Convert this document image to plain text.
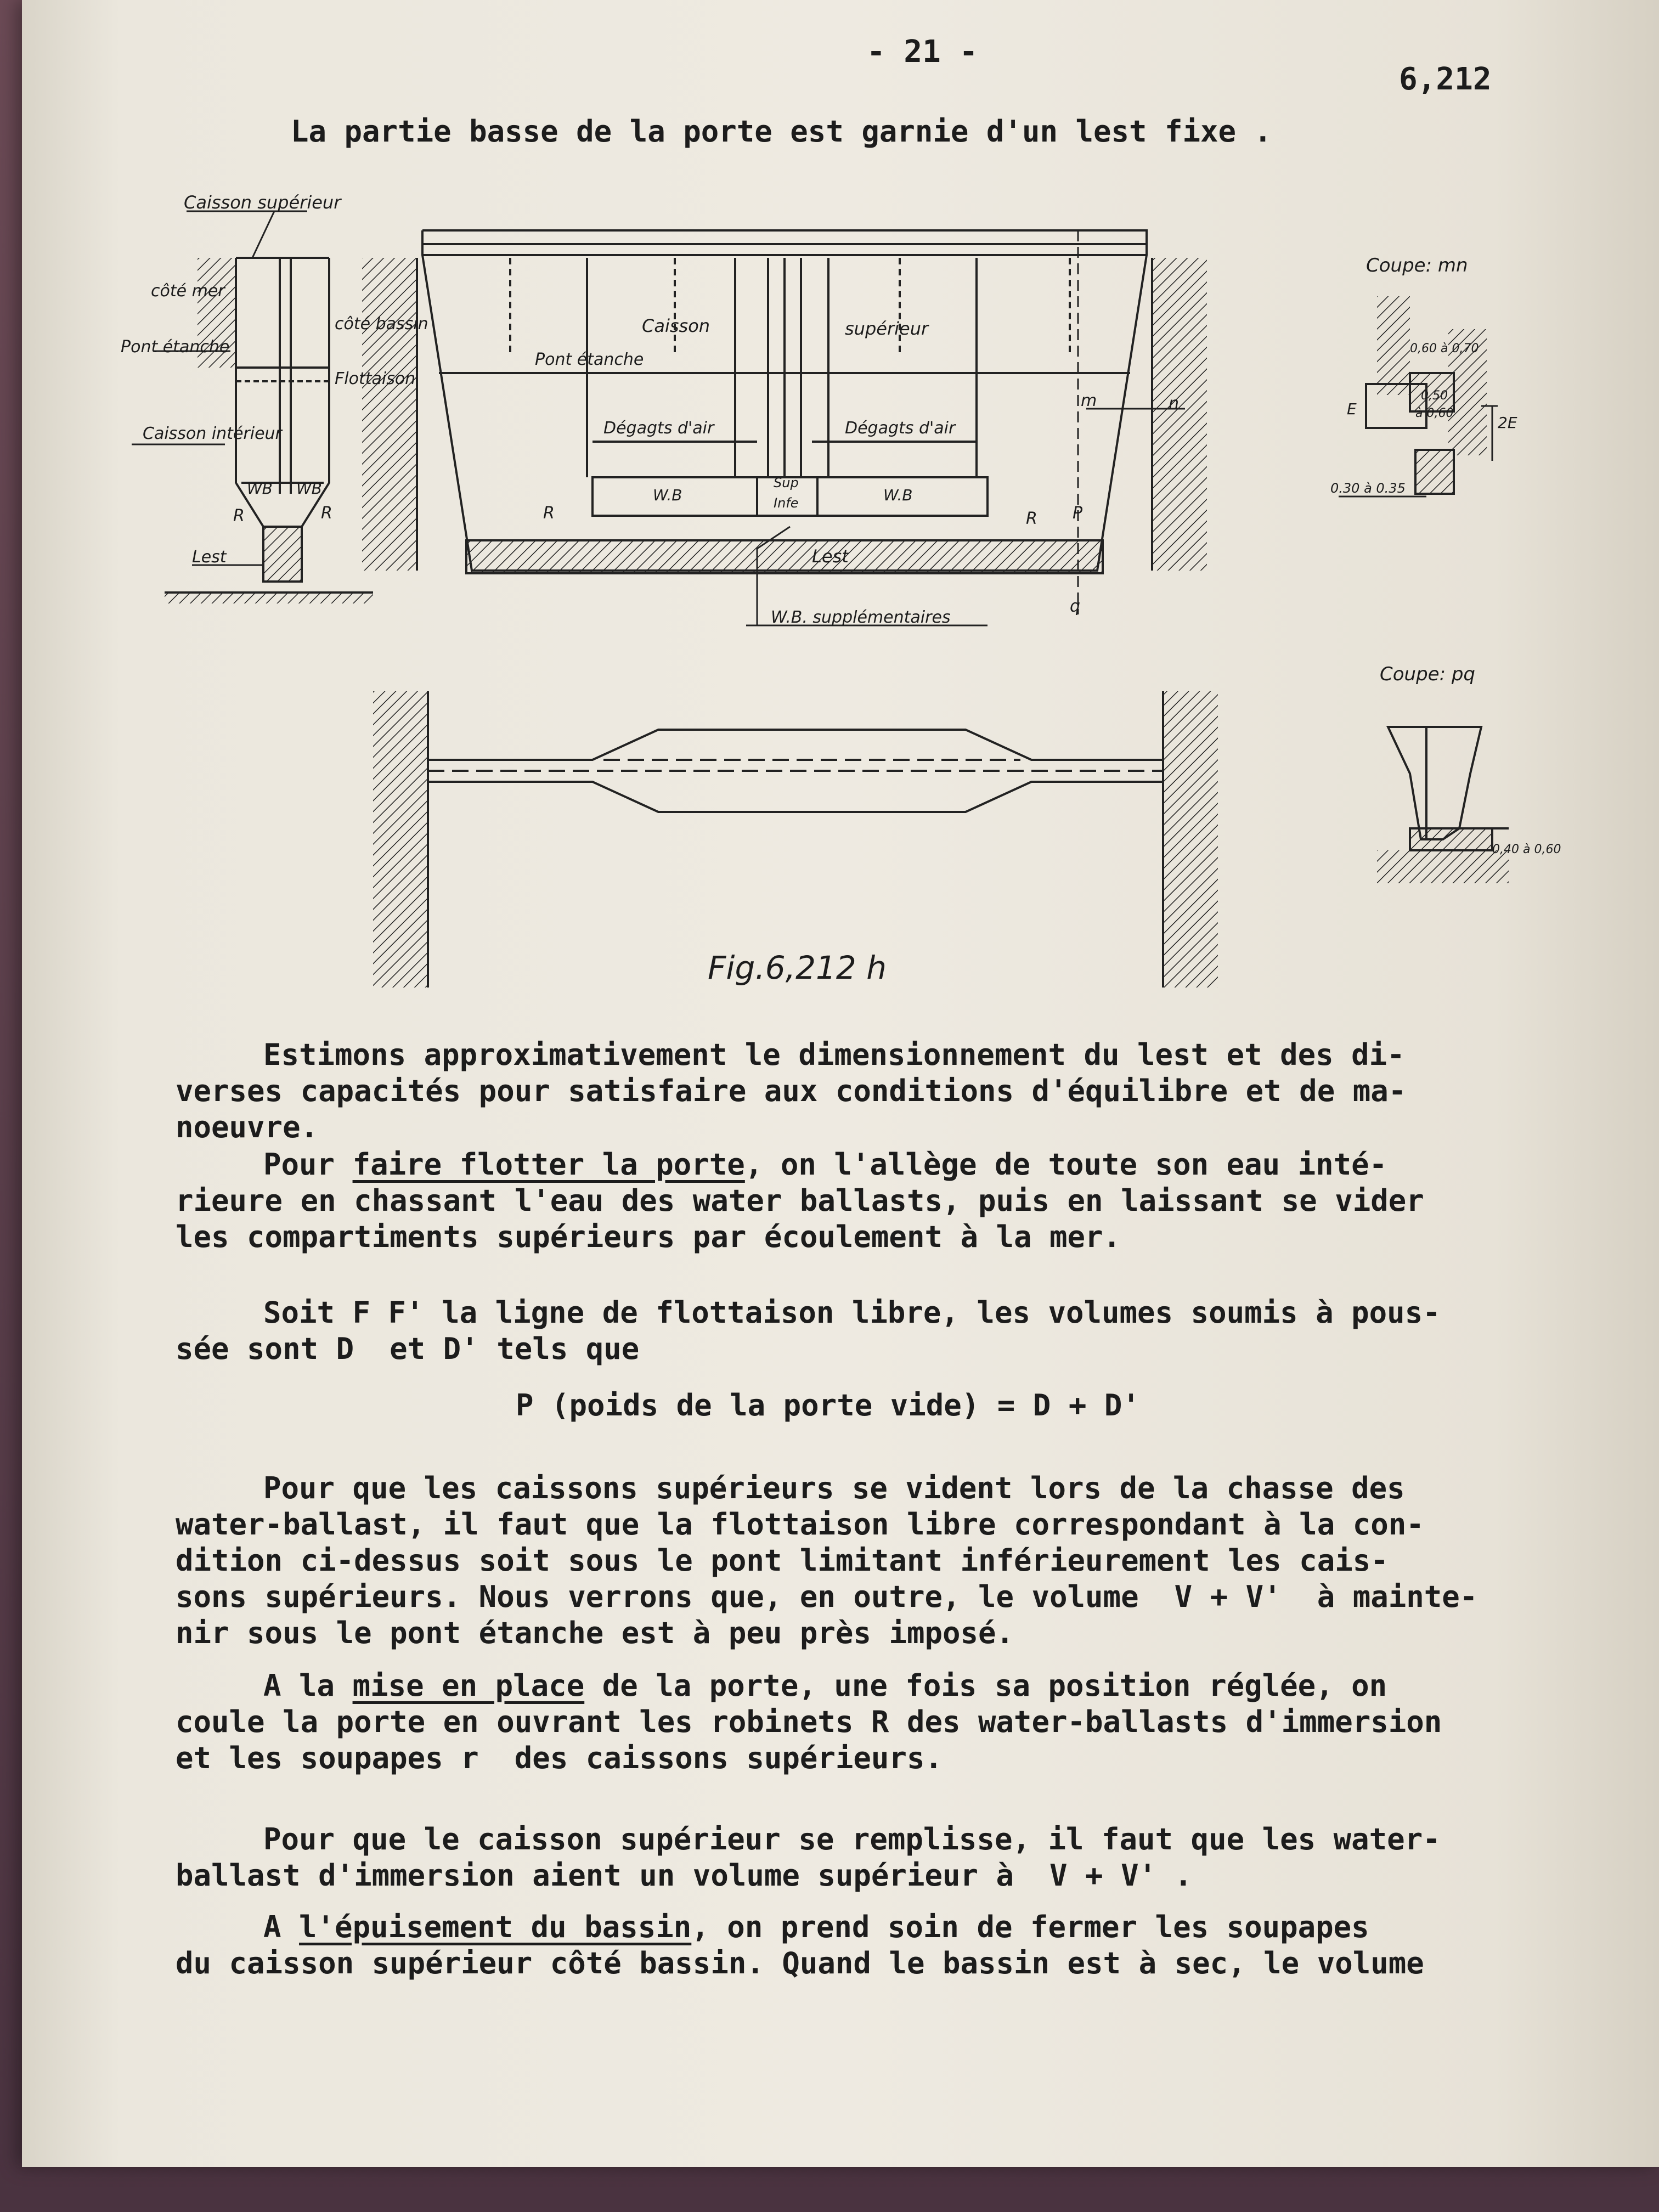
- 21 -
6,212
La partie basse de la porte est garnie d'un lest fixe .
Caisson supérieur
côté mer
côté bassin
Pont étanche
Flottaison
Caisson intérieur
WB WB
R	R
Lest
Caisson	supérieur
Pont étanche
Dégagts d'air	Dégagts d'air
m	n
W.B	W.B
Sup
Infe
R	R P
Lest
q
W.B. supplémentaires
Coupe: mn
0,60 à 0,70
0,50
à 0,60
E
2E
0.30 à 0.35
Coupe: pq
0,40 à 0,60
Fig.6,212 h
Estimons approximativement le dimensionnement du lest et des di-
verses capacités pour satisfaire aux conditions d'équilibre et de ma-
noeuvre.
Pour faire flotter la porte, on l'allège de toute son eau inté-
rieure en chassant l'eau des water ballasts, puis en laissant se vider
les compartiments supérieurs par écoulement à la mer.
Soit F F' la ligne de flottaison libre, les volumes soumis à pous-
sée sont D  et D' tels que
P (poids de la porte vide) = D + D'
Pour que les caissons supérieurs se vident lors de la chasse des
water-ballast, il faut que la flottaison libre correspondant à la con-
dition ci-dessus soit sous le pont limitant inférieurement les cais-
sons supérieurs. Nous verrons que, en outre, le volume  V + V'  à mainte-
nir sous le pont étanche est à peu près imposé.
A la mise en place de la porte, une fois sa position réglée, on
coule la porte en ouvrant les robinets R des water-ballasts d'immersion
et les soupapes r  des caissons supérieurs.
Pour que le caisson supérieur se remplisse, il faut que les water-
ballast d'immersion aient un volume supérieur à  V + V' .
A l'épuisement du bassin, on prend soin de fermer les soupapes
du caisson supérieur côté bassin. Quand le bassin est à sec, le volume
